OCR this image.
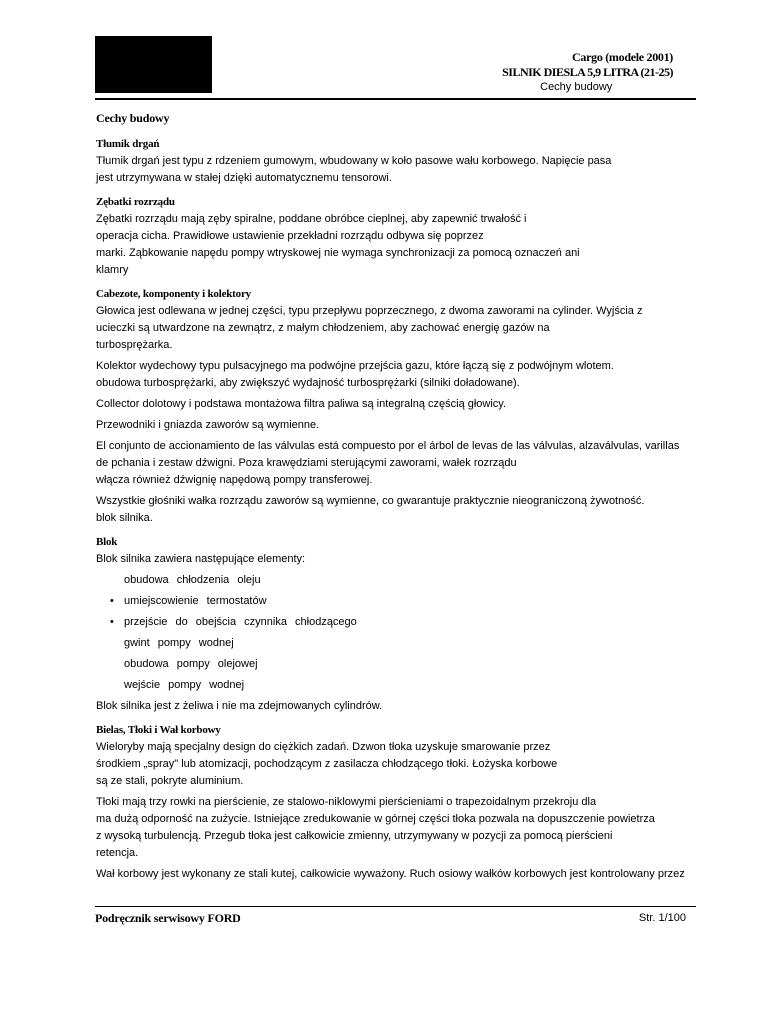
Cargo (modele 2001)
SILNIK DIESLA 5,9 LITRA (21-25)
Cechy budowy
Cechy budowy
Tłumik drgań
Tłumik drgań jest typu z rdzeniem gumowym, wbudowany w koło pasowe wału korbowego. Napięcie pasa
jest utrzymywana w stałej dzięki automatycznemu tensorowi.
Zębatki rozrządu
Zębatki rozrządu mają zęby spiralne, poddane obróbce cieplnej, aby zapewnić trwałość i
operacja cicha. Prawidłowe ustawienie przekładni rozrządu odbywa się poprzez
marki. Ząbkowanie napędu pompy wtryskowej nie wymaga synchronizacji za pomocą oznaczeń ani
klamry
Cabezote, komponenty i kolektory
Głowica jest odlewana w jednej części, typu przepływu poprzecznego, z dwoma zaworami na cylinder. Wyjścia z
ucieczki są utwardzone na zewnątrz, z małym chłodzeniem, aby zachować energię gazów na
turbosprężarka.
Kolektor wydechowy typu pulsacyjnego ma podwójne przejścia gazu, które łączą się z podwójnym wlotem.
obudowa turbosprężarki, aby zwiększyć wydajność turbosprężarki (silniki doładowane).
Collector dolotowy i podstawa montażowa filtra paliwa są integralną częścią głowicy.
Przewodniki i gniazda zaworów są wymienne.
El conjunto de accionamiento de las válvulas está compuesto por el árbol de levas de las válvulas, alzaválvulas, varillas
de pchania i zestaw dźwigni. Poza krawędziami sterującymi zaworami, wałek rozrządu
włącza również dźwignię napędową pompy transferowej.
Wszystkie głośniki wałka rozrządu zaworów są wymienne, co gwarantuje praktycznie nieograniczoną żywotność.
blok silnika.
Blok
Blok silnika zawiera następujące elementy:
obudowa chłodzenia oleju
• umiejscowienie termostatów
• przejście do obejścia czynnika chłodzącego
gwint pompy wodnej
obudowa pompy olejowej
wejście pompy wodnej
Blok silnika jest z żeliwa i nie ma zdejmowanych cylindrów.
Bielas, Tłoki i Wał korbowy
Wieloryby mają specjalny design do ciężkich zadań. Dzwon tłoka uzyskuje smarowanie przez
środkiem „spray" lub atomizacji, pochodzącym z zasilacza chłodzącego tłoki. Łożyska korbowe
są ze stali, pokryte aluminium.
Tłoki mają trzy rowki na pierścienie, ze stalowo-niklowymi pierścieniami o trapezoidalnym przekroju dla
ma dużą odporność na zużycie. Istniejące zredukowanie w górnej części tłoka pozwala na dopuszczenie powietrza
z wysoką turbulencją. Przegub tłoka jest całkowicie zmienny, utrzymywany w pozycji za pomocą pierścieni
retencja.
Wał korbowy jest wykonany ze stali kutej, całkowicie wyważony. Ruch osiowy wałków korbowych jest kontrolowany przez
Podręcznik serwisowy FORD	Str. 1/100
